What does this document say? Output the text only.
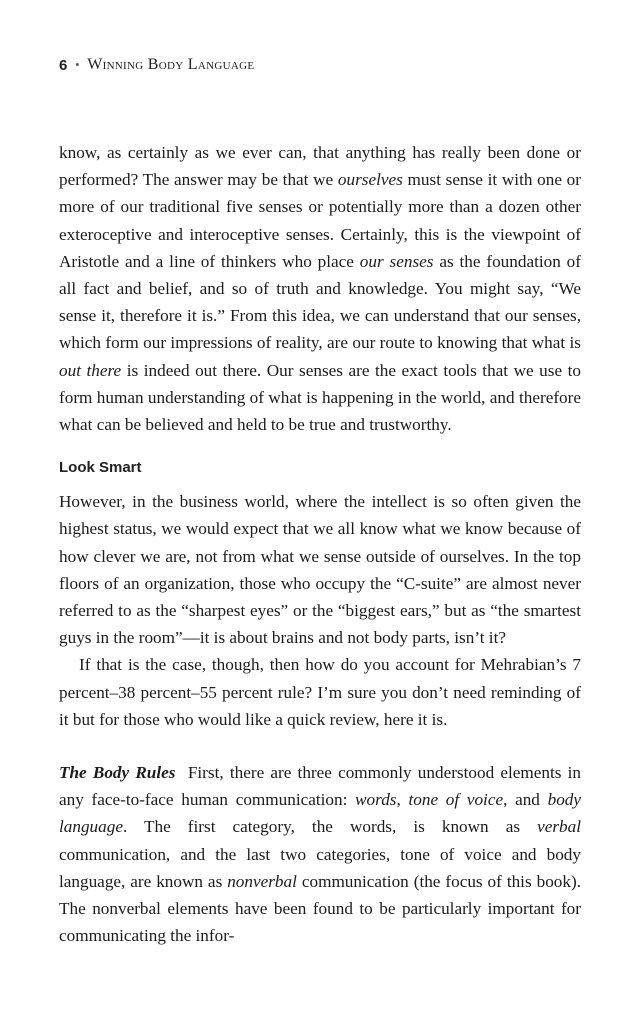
6 • Winning Body Language

know, as certainly as we ever can, that anything has really been done or performed? The answer may be that we ourselves must sense it with one or more of our traditional five senses or potentially more than a dozen other exteroceptive and interoceptive senses. Certainly, this is the viewpoint of Aristotle and a line of thinkers who place our senses as the foundation of all fact and belief, and so of truth and knowledge. You might say, “We sense it, therefore it is.” From this idea, we can understand that our senses, which form our impressions of reality, are our route to knowing that what is out there is indeed out there. Our senses are the exact tools that we use to form human understanding of what is happening in the world, and therefore what can be believed and held to be true and trustworthy.

Look Smart

However, in the business world, where the intellect is so often given the highest status, we would expect that we all know what we know because of how clever we are, not from what we sense outside of ourselves. In the top floors of an organization, those who occupy the “C-suite” are almost never referred to as the “sharpest eyes” or the “biggest ears,” but as “the smartest guys in the room”—it is about brains and not body parts, isn’t it?

If that is the case, though, then how do you account for Mehrabian’s 7 percent–38 percent–55 percent rule? I’m sure you don’t need reminding of it but for those who would like a quick review, here it is.

The Body Rules  First, there are three commonly understood elements in any face-to-face human communication: words, tone of voice, and body language. The first category, the words, is known as verbal communication, and the last two categories, tone of voice and body language, are known as nonverbal communication (the focus of this book). The nonverbal elements have been found to be particularly important for communicating the infor-
